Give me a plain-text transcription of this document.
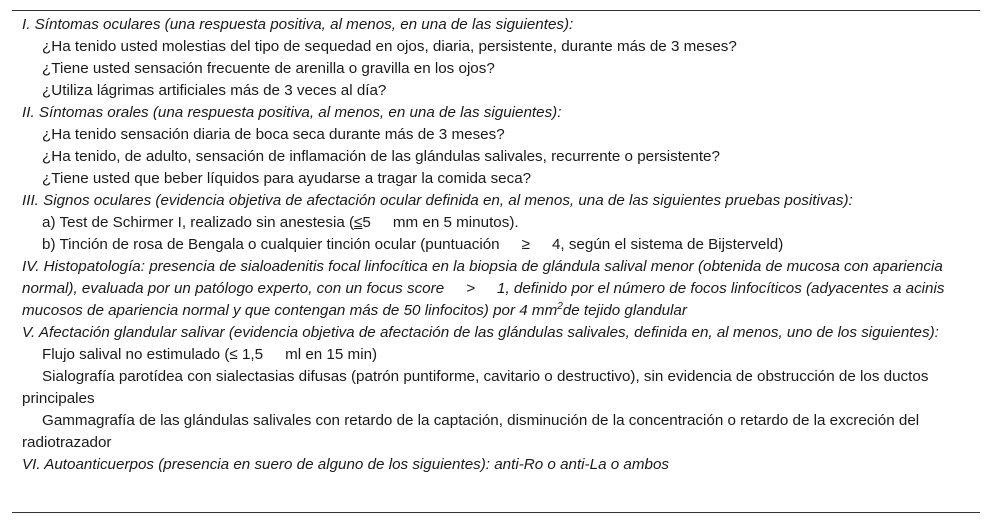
I. Síntomas oculares (una respuesta positiva, al menos, en una de las siguientes):

¿Ha tenido usted molestias del tipo de sequedad en ojos, diaria, persistente, durante más de 3 meses?

¿Tiene usted sensación frecuente de arenilla o gravilla en los ojos?

¿Utiliza lágrimas artificiales más de 3 veces al día?

II. Síntomas orales (una respuesta positiva, al menos, en una de las siguientes):

¿Ha tenido sensación diaria de boca seca durante más de 3 meses?

¿Ha tenido, de adulto, sensación de inflamación de las glándulas salivales, recurrente o persistente?

¿Tiene usted que beber líquidos para ayudarse a tragar la comida seca?

III. Signos oculares (evidencia objetiva de afectación ocular definida en, al menos, una de las siguientes pruebas positivas):

a) Test de Schirmer I, realizado sin anestesia (≤5 mm en 5 minutos).

b) Tinción de rosa de Bengala o cualquier tinción ocular (puntuación ≥ 4, según el sistema de Bijsterveld)

IV. Histopatología: presencia de sialoadenitis focal linfocítica en la biopsia de glándula salival menor (obtenida de mucosa con apariencia normal), evaluada por un patólogo experto, con un focus score > 1, definido por el número de focos linfocíticos (adyacentes a acinis mucosos de apariencia normal y que contengan más de 50 linfocitos) por 4 $mm^2de$ tejido glandular

V. Afectación glandular salivar (evidencia objetiva de afectación de las glándulas salivales, definida en, al menos, uno de los siguientes):

Flujo salival no estimulado (≤ 1,5 ml en 15 min)

Sialografía parotídea con sialectasias difusas (patrón puntiforme, cavitario o destructivo), sin evidencia de obstrucción de los ductos principales

Gammagrafía de las glándulas salivales con retardo de la captación, disminución de la concentración o retardo de la excreción del radiotrazador

VI. Autoanticuerpos (presencia en suero de alguno de los siguientes): anti-Ro o anti-La o ambos
